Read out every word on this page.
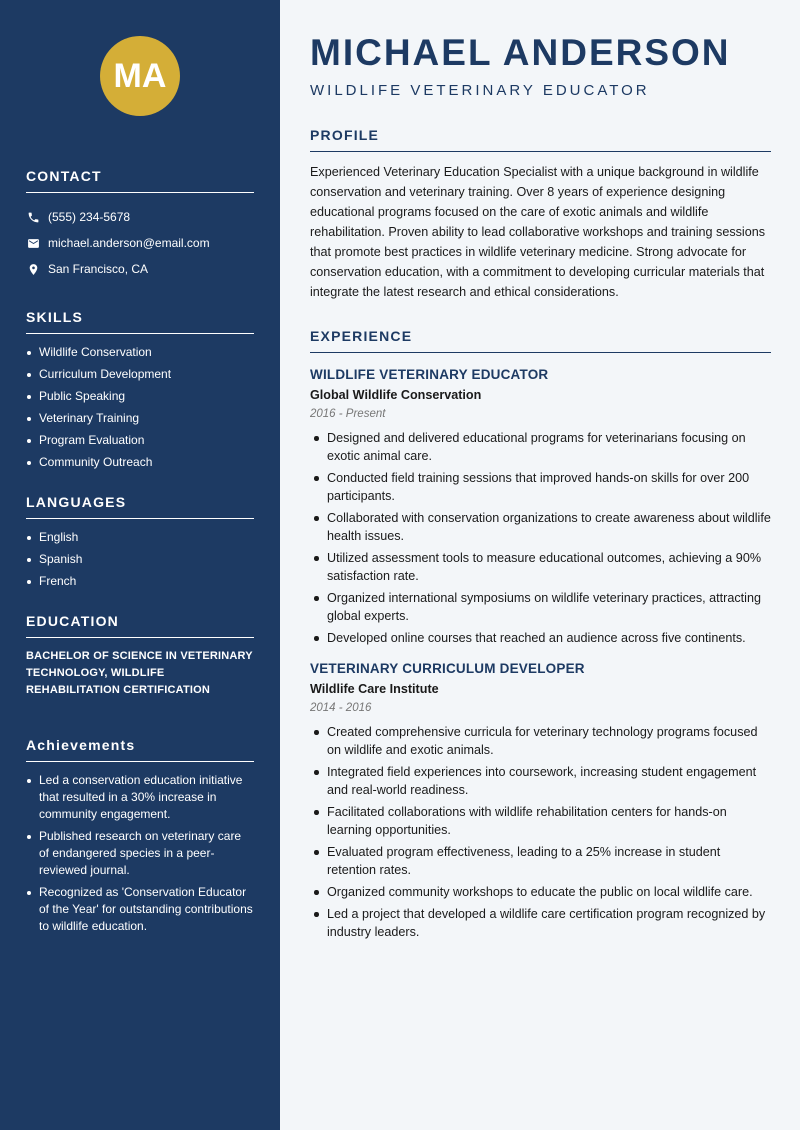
MA
CONTACT
(555) 234-5678
michael.anderson@email.com
San Francisco, CA
SKILLS
Wildlife Conservation
Curriculum Development
Public Speaking
Veterinary Training
Program Evaluation
Community Outreach
LANGUAGES
English
Spanish
French
EDUCATION
BACHELOR OF SCIENCE IN VETERINARY TECHNOLOGY, WILDLIFE REHABILITATION CERTIFICATION
Achievements
Led a conservation education initiative that resulted in a 30% increase in community engagement.
Published research on veterinary care of endangered species in a peer-reviewed journal.
Recognized as 'Conservation Educator of the Year' for outstanding contributions to wildlife education.
MICHAEL ANDERSON
WILDLIFE VETERINARY EDUCATOR
PROFILE

Experienced Veterinary Education Specialist with a unique background in wildlife conservation and veterinary training. Over 8 years of experience designing educational programs focused on the care of exotic animals and wildlife rehabilitation. Proven ability to lead collaborative workshops and training sessions that promote best practices in wildlife veterinary medicine. Strong advocate for conservation education, with a commitment to developing curricular materials that integrate the latest research and ethical considerations.

EXPERIENCE
WILDLIFE VETERINARY EDUCATOR
Global Wildlife Conservation
2016 - Present
Designed and delivered educational programs for veterinarians focusing on exotic animal care.
Conducted field training sessions that improved hands-on skills for over 200 participants.
Collaborated with conservation organizations to create awareness about wildlife health issues.
Utilized assessment tools to measure educational outcomes, achieving a 90% satisfaction rate.
Organized international symposiums on wildlife veterinary practices, attracting global experts.
Developed online courses that reached an audience across five continents.
VETERINARY CURRICULUM DEVELOPER
Wildlife Care Institute
2014 - 2016
Created comprehensive curricula for veterinary technology programs focused on wildlife and exotic animals.
Integrated field experiences into coursework, increasing student engagement and real-world readiness.
Facilitated collaborations with wildlife rehabilitation centers for hands-on learning opportunities.
Evaluated program effectiveness, leading to a 25% increase in student retention rates.
Organized community workshops to educate the public on local wildlife care.
Led a project that developed a wildlife care certification program recognized by industry leaders.
